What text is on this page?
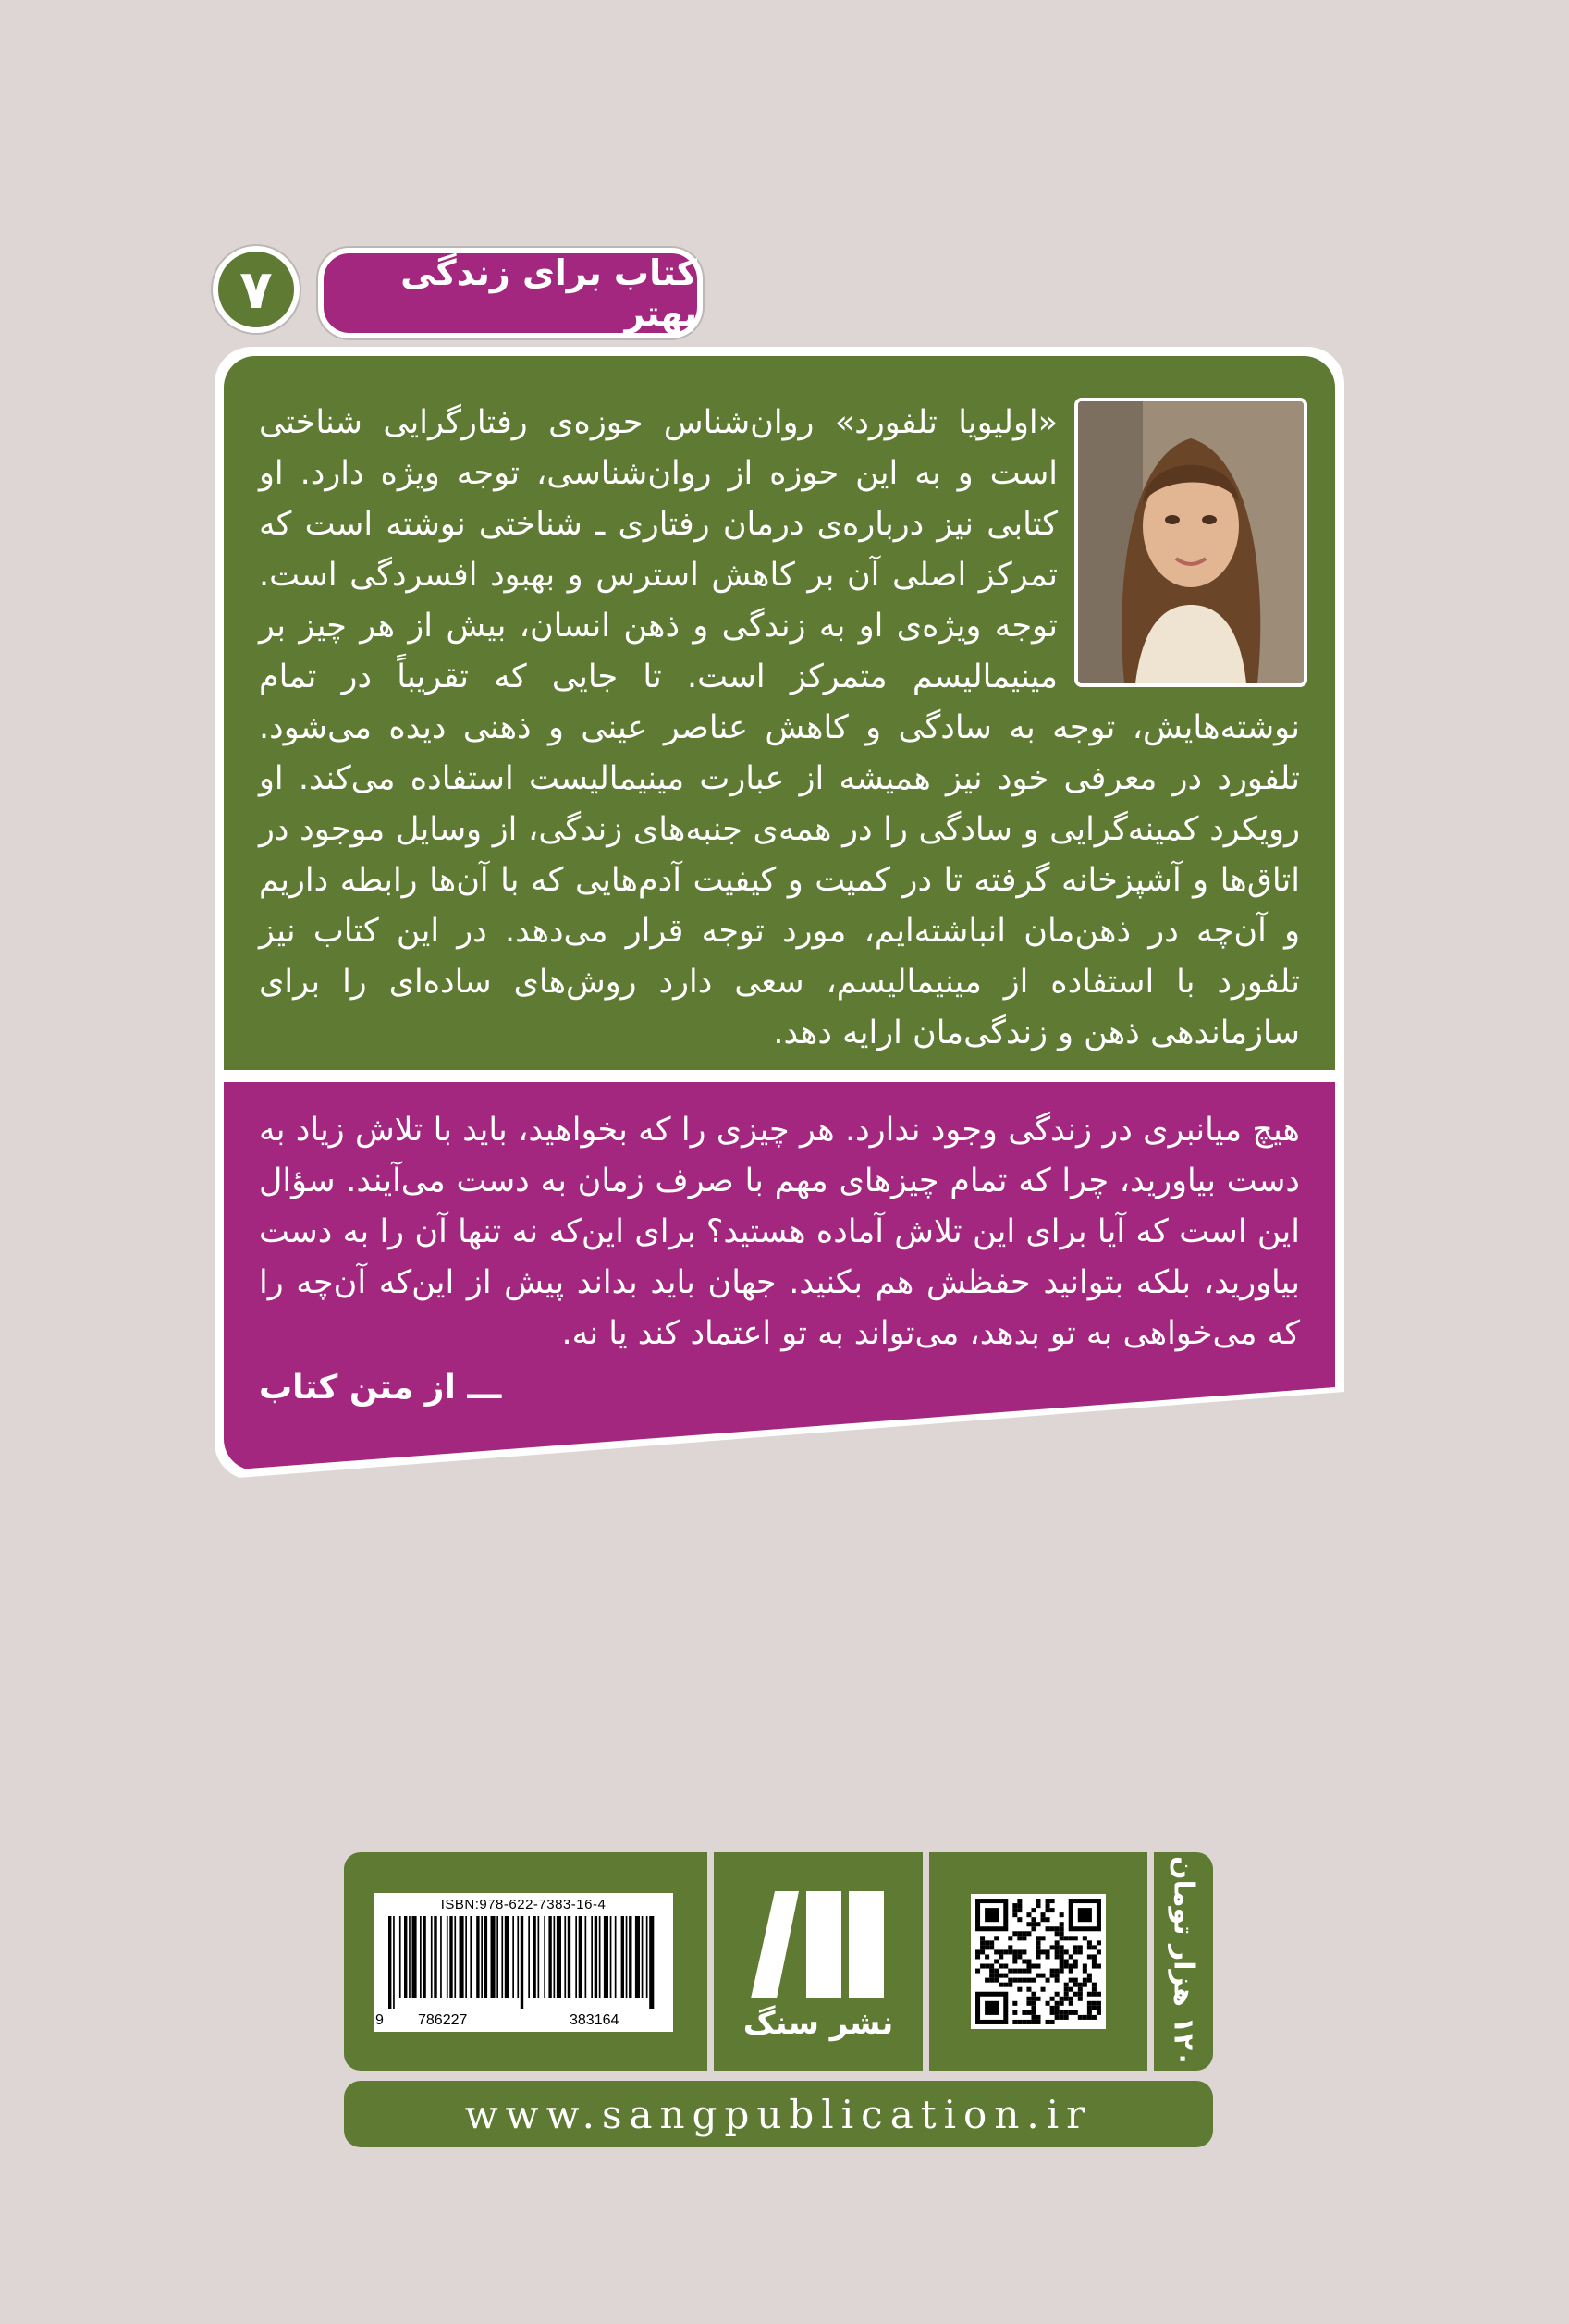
۷	کتاب برای زندگی بهتر
«اولیویا تلفورد» روان‌شناس حوزه‌ی رفتارگرایی شناختی است و به این حوزه از روان‌شناسی، توجه ویژه دارد. او کتابی نیز درباره‌ی درمان رفتاری ـ شناختی نوشته است که تمرکز اصلی آن بر کاهش استرس و بهبود افسردگی است. توجه ویژه‌ی او به زندگی و ذهن انسان، بیش از هر چیز بر مینیمالیسم متمرکز است. تا جایی که تقریباً در تمام نوشته‌هایش، توجه به سادگی و کاهش عناصر عینی و ذهنی دیده می‌شود. تلفورد در معرفی خود نیز همیشه از عبارت مینیمالیست استفاده می‌کند. او رویکرد کمینه‌گرایی و سادگی را در همه‌ی جنبه‌های زندگی، از وسایل موجود در اتاق‌ها و آشپزخانه گرفته تا در کمیت و کیفیت آدم‌هایی که با آن‌ها رابطه داریم و آن‌چه در ذهن‌مان انباشته‌ایم، مورد توجه قرار می‌دهد. در این کتاب نیز تلفورد با استفاده از مینیمالیسم، سعی دارد روش‌های ساده‌ای را برای سازماندهی ذهن و زندگی‌مان ارایه دهد.
هیچ میانبری در زندگی وجود ندارد. هر چیزی را که بخواهید، باید با تلاش زیاد به دست بیاورید، چرا که تمام چیزهای مهم با صرف زمان به دست می‌آیند. سؤال این است که آیا برای این تلاش آماده هستید؟ برای این‌که نه تنها آن را به دست بیاورید، بلکه بتوانید حفظش هم بکنید. جهان باید بداند پیش از این‌که آن‌چه را که می‌خواهی به تو بدهد، می‌تواند به تو اعتماد کند یا نه.
ـــ از متن کتاب
۱۲۰ هزار تومان
نشر سنگ
ISBN:978-622-7383-16-4
9 786227	383164
www.sangpublication.ir
